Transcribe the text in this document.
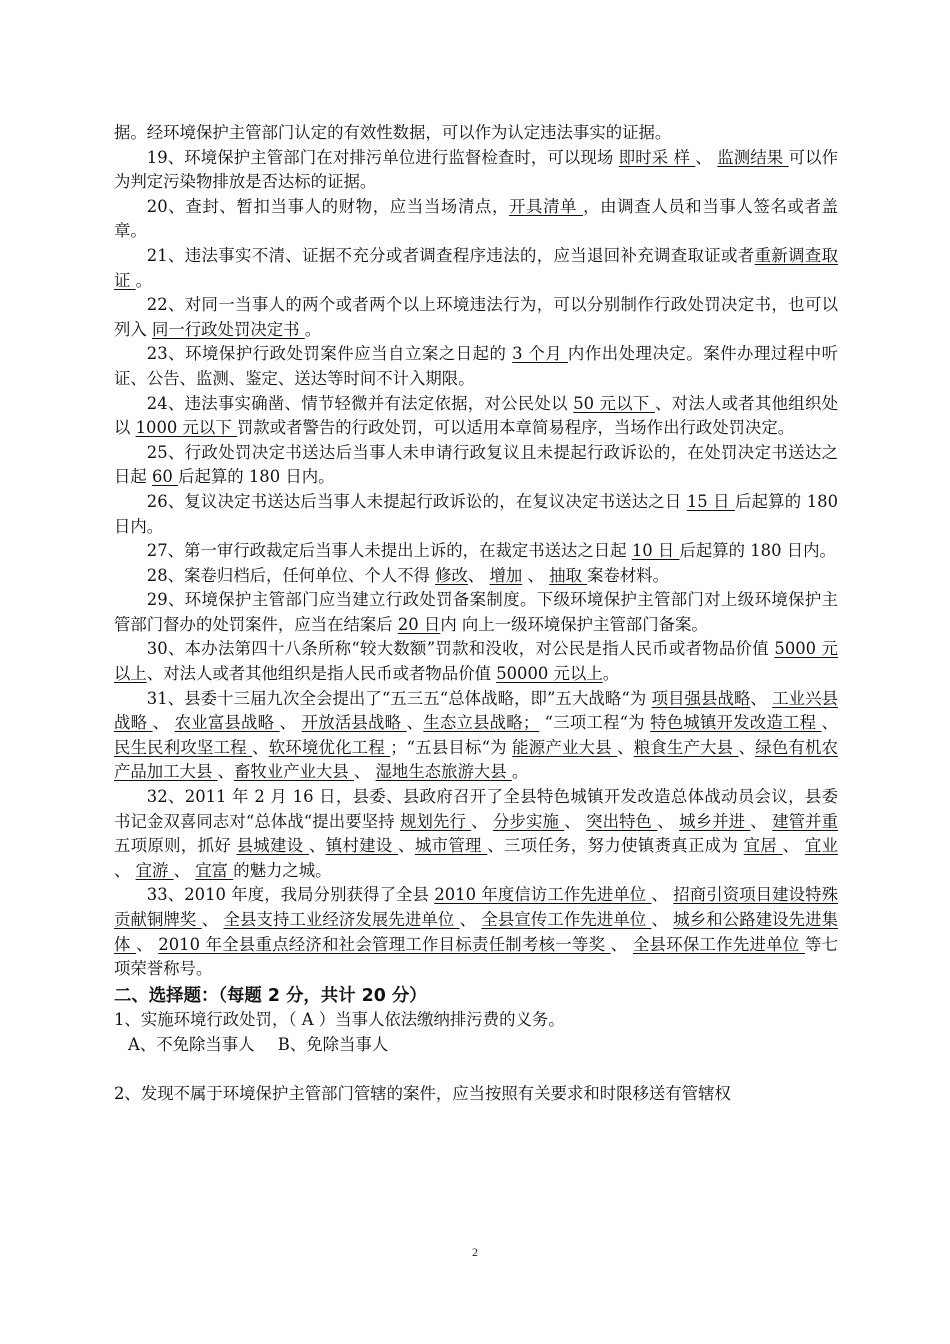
据。经环境保护主管部门认定的有效性数据，可以作为认定违法事实的证据。

19、环境保护主管部门在对排污单位进行监督检查时，可以现场 即时采 样 、 监测结果 可以作为判定污染物排放是否达标的证据。

20、查封、暂扣当事人的财物，应当当场清点，开具清单 ，由调查人员和当事人签名或者盖章。

21、违法事实不清、证据不充分或者调查程序违法的，应当退回补充调查取证或者重新调查取证 。

22、对同一当事人的两个或者两个以上环境违法行为，可以分别制作行政处罚决定书，也可以列入 同一行政处罚决定书 。

23、环境保护行政处罚案件应当自立案之日起的 3 个月 内作出处理决定。案件办理过程中听证、公告、监测、鉴定、送达等时间不计入期限。

24、违法事实确凿、情节轻微并有法定依据，对公民处以 50 元以下 、对法人或者其他组织处以 1000 元以下 罚款或者警告的行政处罚，可以适用本章简易程序，当场作出行政处罚决定。

25、行政处罚决定书送达后当事人未申请行政复议且未提起行政诉讼的，在处罚决定书送达之日起 60 后起算的 180 日内。

26、复议决定书送达后当事人未提起行政诉讼的，在复议决定书送达之日 15 日 后起算的 180 日内。

27、第一审行政裁定后当事人未提出上诉的，在裁定书送达之日起 10 日 后起算的 180 日内。

28、案卷归档后，任何单位、个人不得 修改、 增加 、 抽取 案卷材料。

29、环境保护主管部门应当建立行政处罚备案制度。下级环境保护主管部门对上级环境保护主管部门督办的处罚案件，应当在结案后 20 日内 向上一级环境保护主管部门备案。

30、本办法第四十八条所称“较大数额”罚款和没收，对公民是指人民币或者物品价值 5000 元以上、对法人或者其他组织是指人民币或者物品价值 50000 元以上。

31、县委十三届九次全会提出了“五三五“总体战略，即”五大战略“为 项目强县战略、 工业兴县战略 、 农业富县战略 、 开放活县战略 、生态立县战略； “三项工程“为 特色城镇开发改造工程 、民生民利攻坚工程 、软环境优化工程 ；“五县目标“为 能源产业大县 、粮食生产大县 、绿色有机农产品加工大县 、畜牧业产业大县 、 湿地生态旅游大县 。

32、2011 年 2 月 16 日，县委、县政府召开了全县特色城镇开发改造总体战动员会议，县委书记金双喜同志对“总体战“提出要坚持 规划先行 、 分步实施 、 突出特色 、 城乡并进 、 建管并重 五项原则，抓好 县城建设 、镇村建设 、城市管理 、三项任务，努力使镇赉真正成为 宜居 、 宜业 、 宜游 、 宜富 的魅力之城。

33、2010 年度，我局分别获得了全县 2010 年度信访工作先进单位 、 招商引资项目建设特殊贡献铜牌奖 、 全县支持工业经济发展先进单位 、 全县宣传工作先进单位 、 城乡和公路建设先进集体 、 2010 年全县重点经济和社会管理工作目标责任制考核一等奖 、 全县环保工作先进单位 等七项荣誉称号。

二、选择题：（每题 2 分，共计 20 分）

1、实施环境行政处罚，（ A ）当事人依法缴纳排污费的义务。

A、不免除当事人 B、免除当事人

2、发现不属于环境保护主管部门管辖的案件，应当按照有关要求和时限移送有管辖权

2
